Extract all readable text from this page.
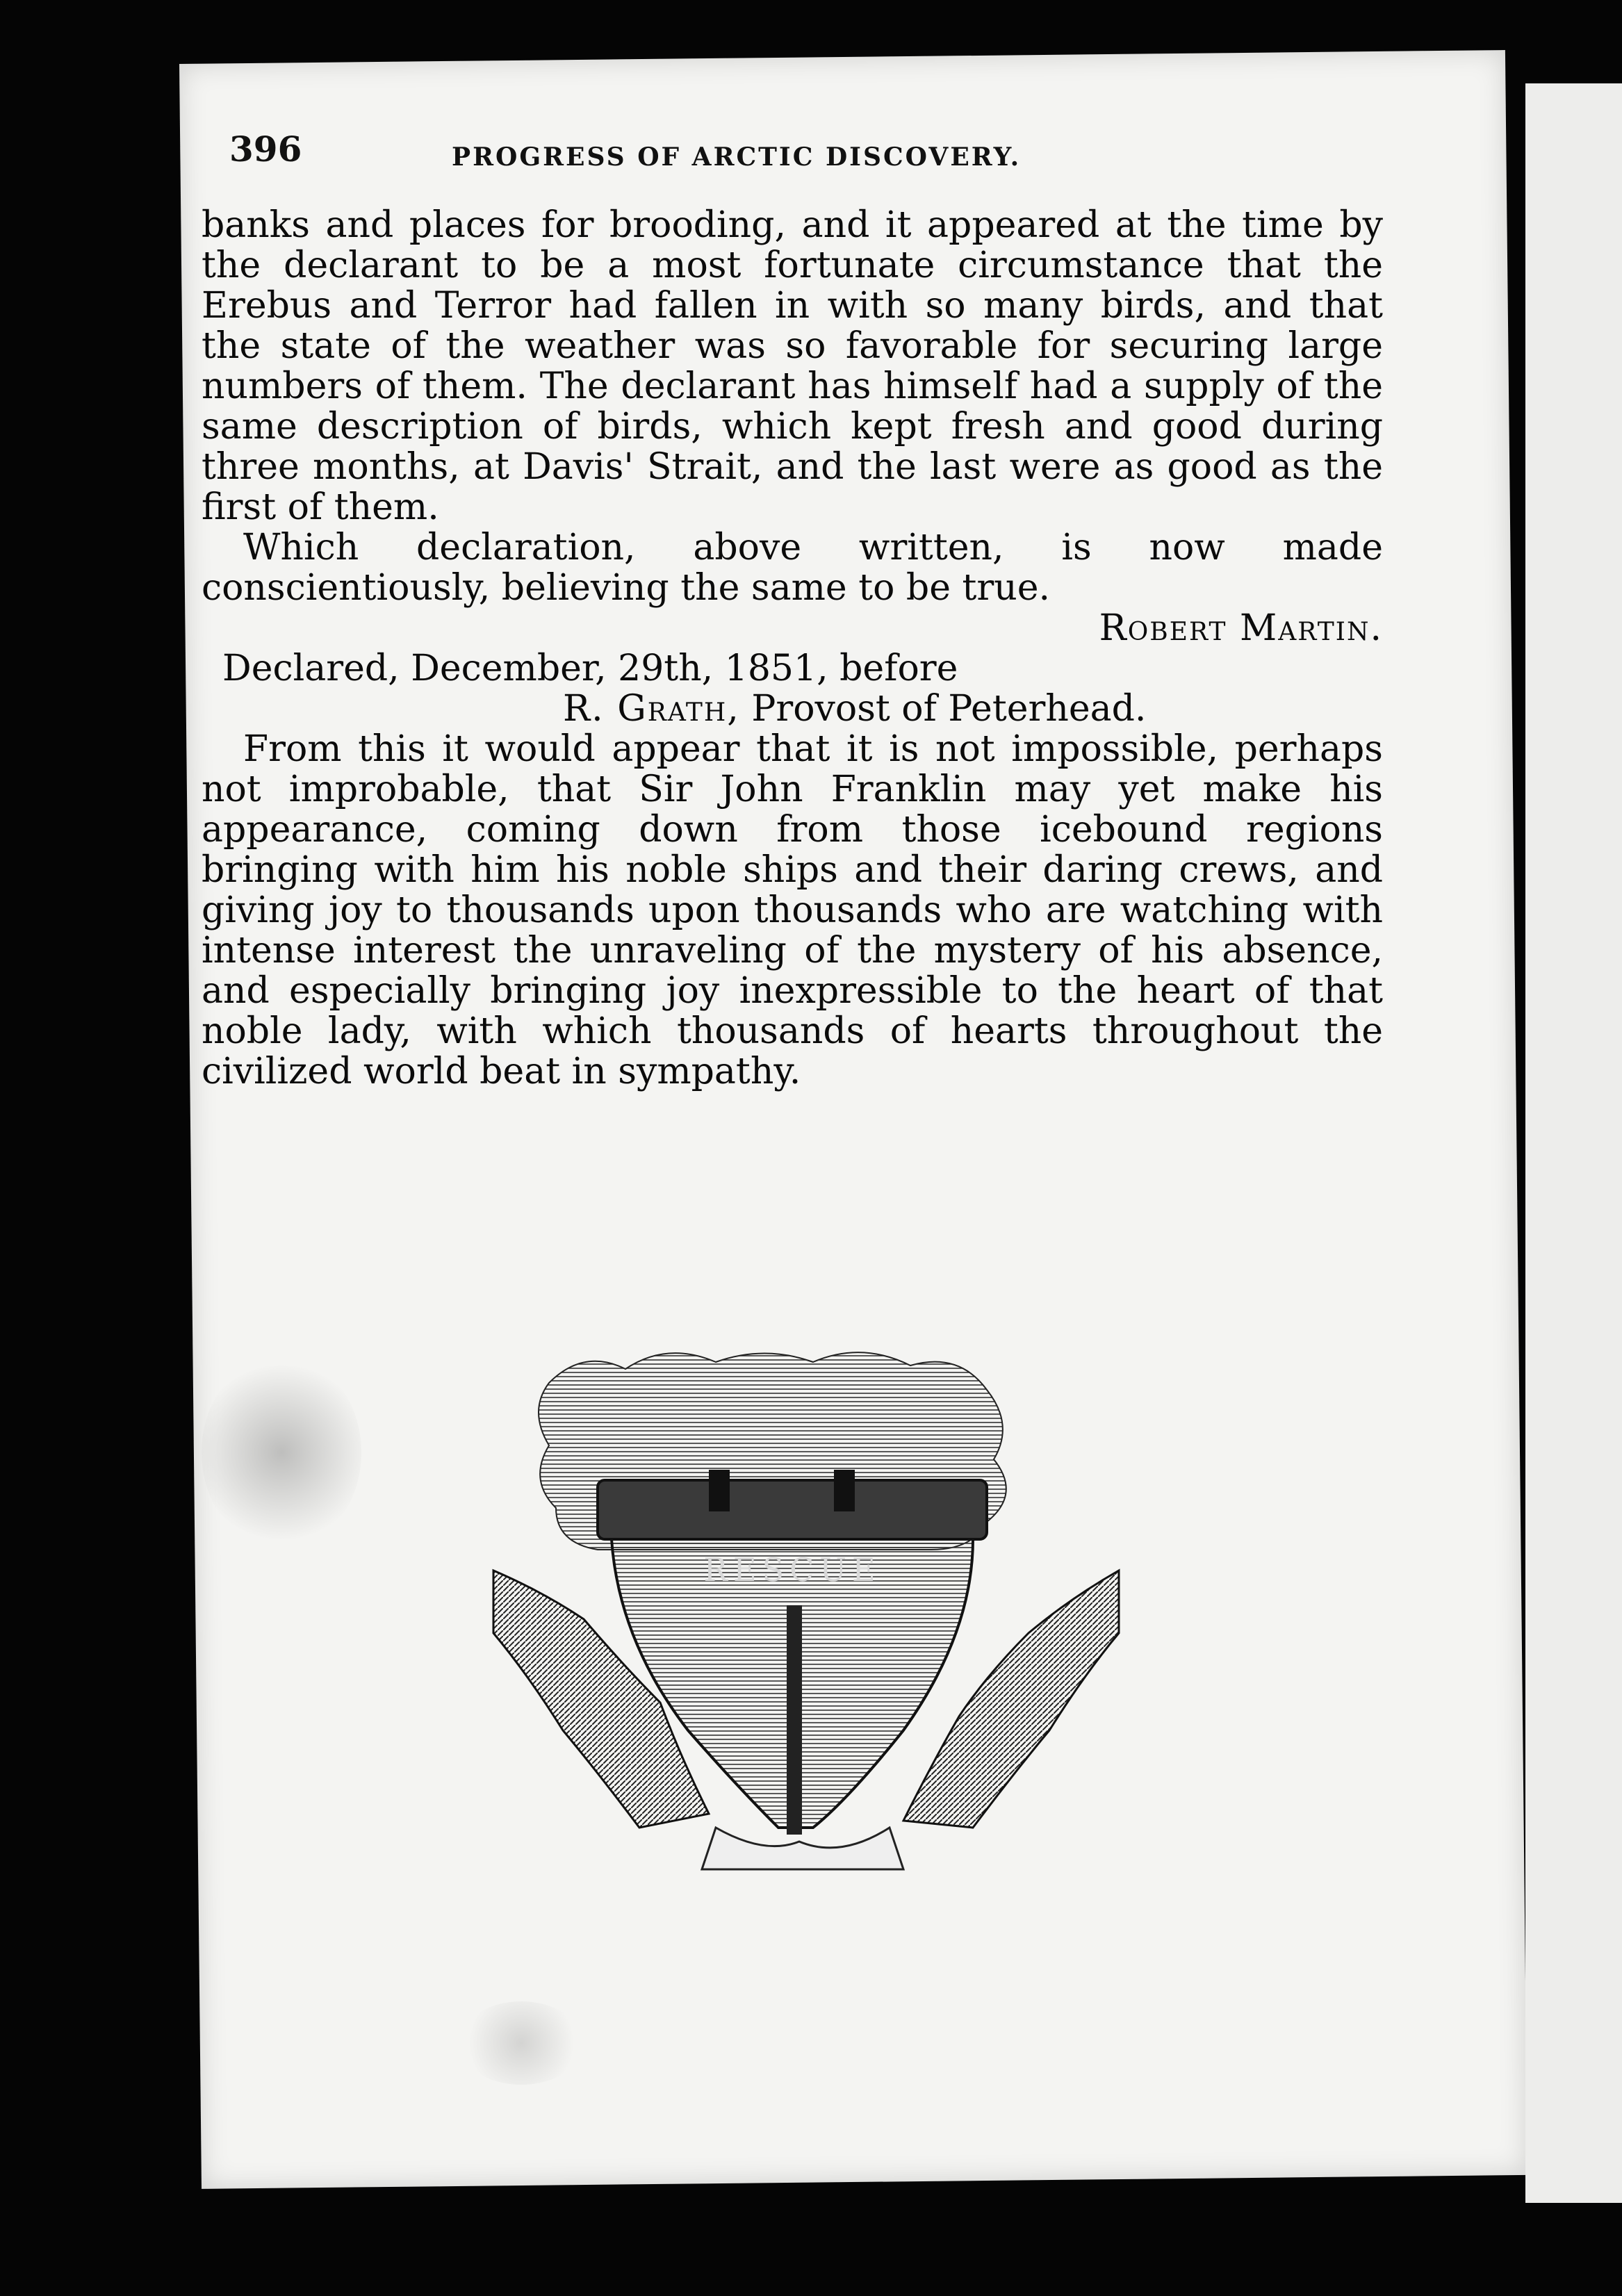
396	PROGRESS OF ARCTIC DISCOVERY.

banks and places for brooding, and it appeared at the time by the declarant to be a most fortunate circumstance that the Erebus and Terror had fallen in with so many birds, and that the state of the weather was so favorable for securing large numbers of them. The declarant has himself had a supply of the same description of birds, which kept fresh and good during three months, at Davis' Strait, and the last were as good as the first of them.

Which declaration, above written, is now made conscientiously, believing the same to be true.

Robert Martin.

Declared, December, 29th, 1851, before

R. Grath, Provost of Peterhead.

From this it would appear that it is not impossible, perhaps not improbable, that Sir John Franklin may yet make his appearance, coming down from those icebound regions bringing with him his noble ships and their daring crews, and giving joy to thousands upon thousands who are watching with intense interest the unraveling of the mystery of his absence, and especially bringing joy inexpressible to the heart of that noble lady, with which thousands of hearts throughout the civilized world beat in sympathy.

RESCUE
